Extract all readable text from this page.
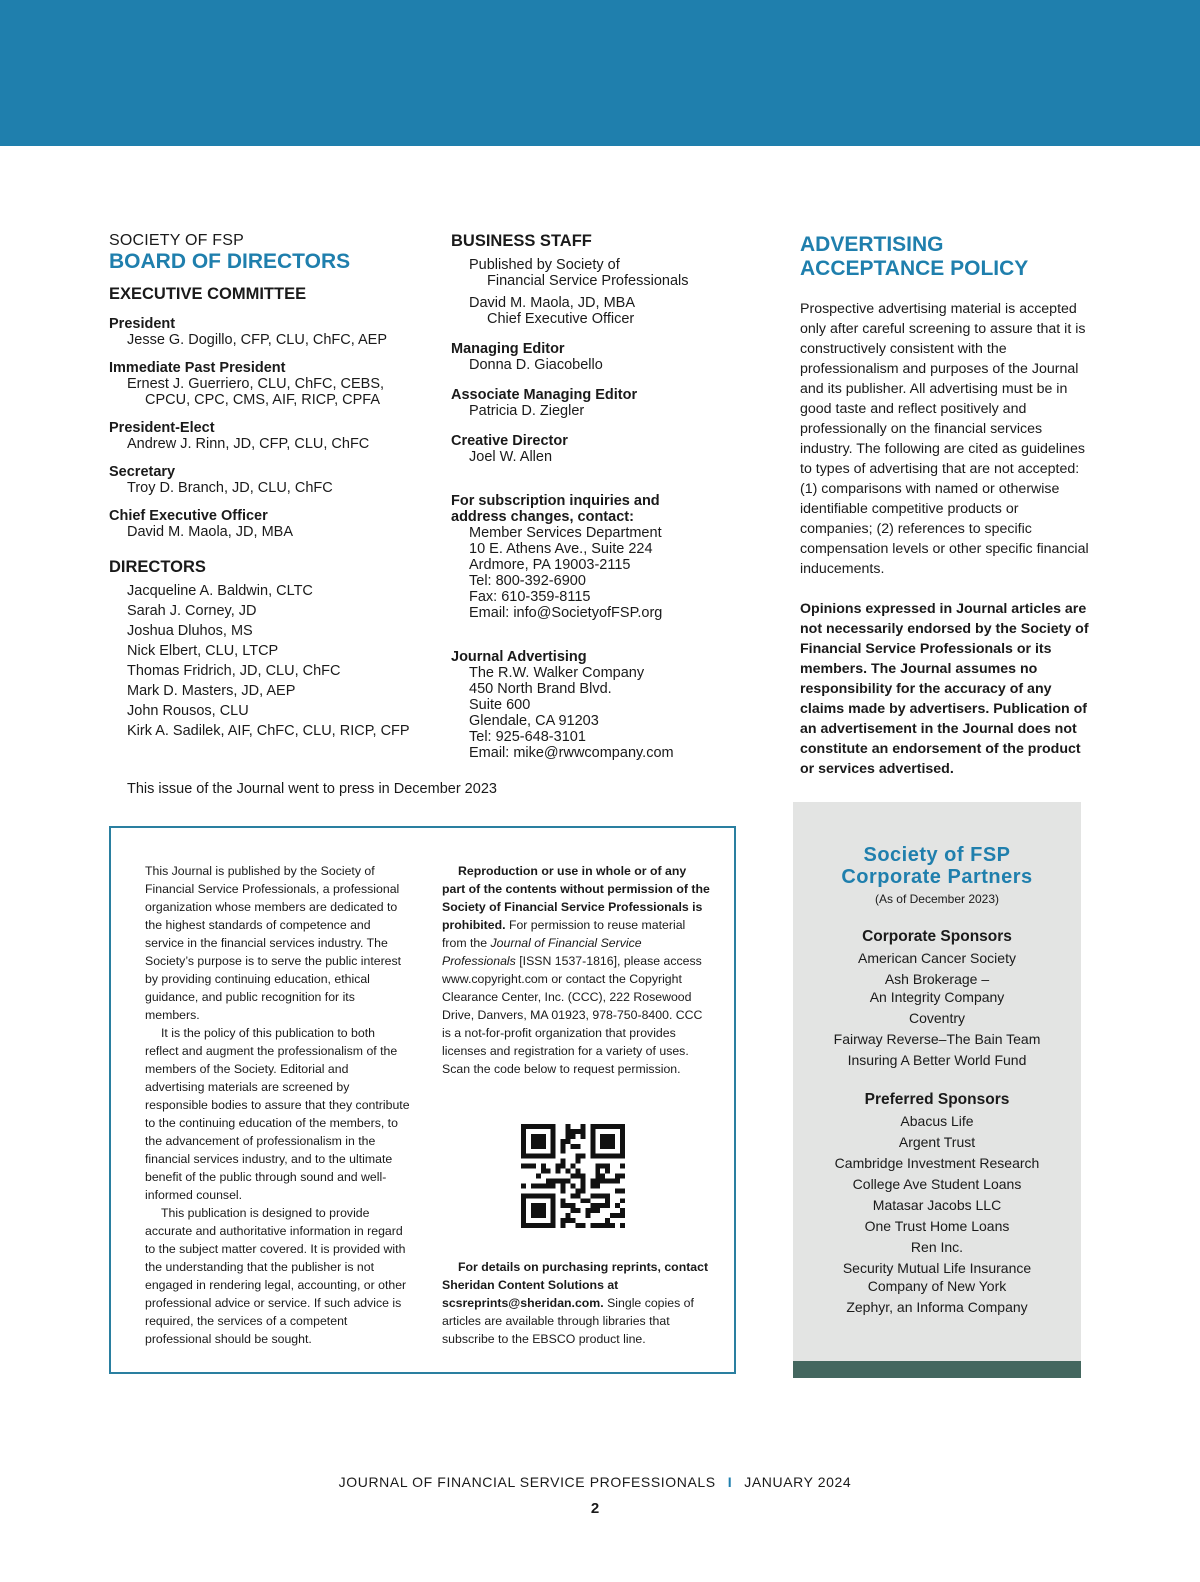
SOCIETY OF FSP
BOARD OF DIRECTORS
EXECUTIVE COMMITTEE
President
Jesse G. Dogillo, CFP, CLU, ChFC, AEP
Immediate Past President
Ernest J. Guerriero, CLU, ChFC, CEBS,
CPCU, CPC, CMS, AIF, RICP, CPFA
President-Elect
Andrew J. Rinn, JD, CFP, CLU, ChFC
Secretary
Troy D. Branch, JD, CLU, ChFC
Chief Executive Officer
David M. Maola, JD, MBA
DIRECTORS
Jacqueline A. Baldwin, CLTC
Sarah J. Corney, JD
Joshua Dluhos, MS
Nick Elbert, CLU, LTCP
Thomas Fridrich, JD, CLU, ChFC
Mark D. Masters, JD, AEP
John Rousos, CLU
Kirk A. Sadilek, AIF, ChFC, CLU, RICP, CFP
This issue of the Journal went to press in December 2023
BUSINESS STAFF
Published by Society of
Financial Service Professionals
David M. Maola, JD, MBA
Chief Executive Officer
Managing Editor
Donna D. Giacobello
Associate Managing Editor
Patricia D. Ziegler
Creative Director
Joel W. Allen
For subscription inquiries and
address changes, contact:
Member Services Department
10 E. Athens Ave., Suite 224
Ardmore, PA 19003-2115
Tel: 800-392-6900
Fax: 610-359-8115
Email: info@SocietyofFSP.org
Journal Advertising
The R.W. Walker Company
450 North Brand Blvd.
Suite 600
Glendale, CA 91203
Tel: 925-648-3101
Email: mike@rwwcompany.com
ADVERTISING
ACCEPTANCE POLICY

Prospective advertising material is accepted only after careful screening to assure that it is constructively consistent with the professionalism and purposes of the Journal and its publisher. All advertising must be in good taste and reflect positively and professionally on the financial services industry. The following are cited as guidelines to types of advertising that are not accepted: (1) comparisons with named or otherwise identifiable competitive products or companies; (2) references to specific compensation levels or other specific financial inducements.

Opinions expressed in Journal articles are not necessarily endorsed by the Society of Financial Service Professionals or its members. The Journal assumes no responsibility for the accuracy of any claims made by advertisers. Publication of an advertisement in the Journal does not constitute an endorsement of the product or services advertised.

This Journal is published by the Society of Financial Service Professionals, a professional organization whose members are dedicated to the highest standards of competence and service in the financial services industry. The Society’s purpose is to serve the public interest by providing continuing education, ethical guidance, and public recognition for its members.

It is the policy of this publication to both reflect and augment the professionalism of the members of the Society. Editorial and advertising materials are screened by responsible bodies to assure that they contribute to the continuing education of the members, to the advancement of professionalism in the financial services industry, and to the ultimate benefit of the public through sound and well-informed counsel.

This publication is designed to provide accurate and authoritative information in regard to the subject matter covered. It is provided with the understanding that the publisher is not engaged in rendering legal, accounting, or other professional advice or service. If such advice is required, the services of a competent professional should be sought.

Reproduction or use in whole or of any part of the contents without permission of the Society of Financial Service Professionals is prohibited. For permission to reuse material from the Journal of Financial Service Professionals [ISSN 1537-1816], please access www.copyright.com or contact the Copyright Clearance Center, Inc. (CCC), 222 Rosewood Drive, Danvers, MA 01923, 978-750-8400. CCC is a not-for-profit organization that provides licenses and registration for a variety of uses. Scan the code below to request permission.

For details on purchasing reprints, contact Sheridan Content Solutions at scsreprints@sheridan.com. Single copies of articles are available through libraries that subscribe to the EBSCO product line.

Society of FSP
Corporate Partners
(As of December 2023)
Corporate Sponsors
American Cancer Society
Ash Brokerage –
An Integrity Company
Coventry
Fairway Reverse–The Bain Team
Insuring A Better World Fund
Preferred Sponsors
Abacus Life
Argent Trust
Cambridge Investment Research
College Ave Student Loans
Matasar Jacobs LLC
One Trust Home Loans
Ren Inc.
Security Mutual Life Insurance
Company of New York
Zephyr, an Informa Company
JOURNAL OF FINANCIAL SERVICE PROFESSIONALS I JANUARY 2024
2
